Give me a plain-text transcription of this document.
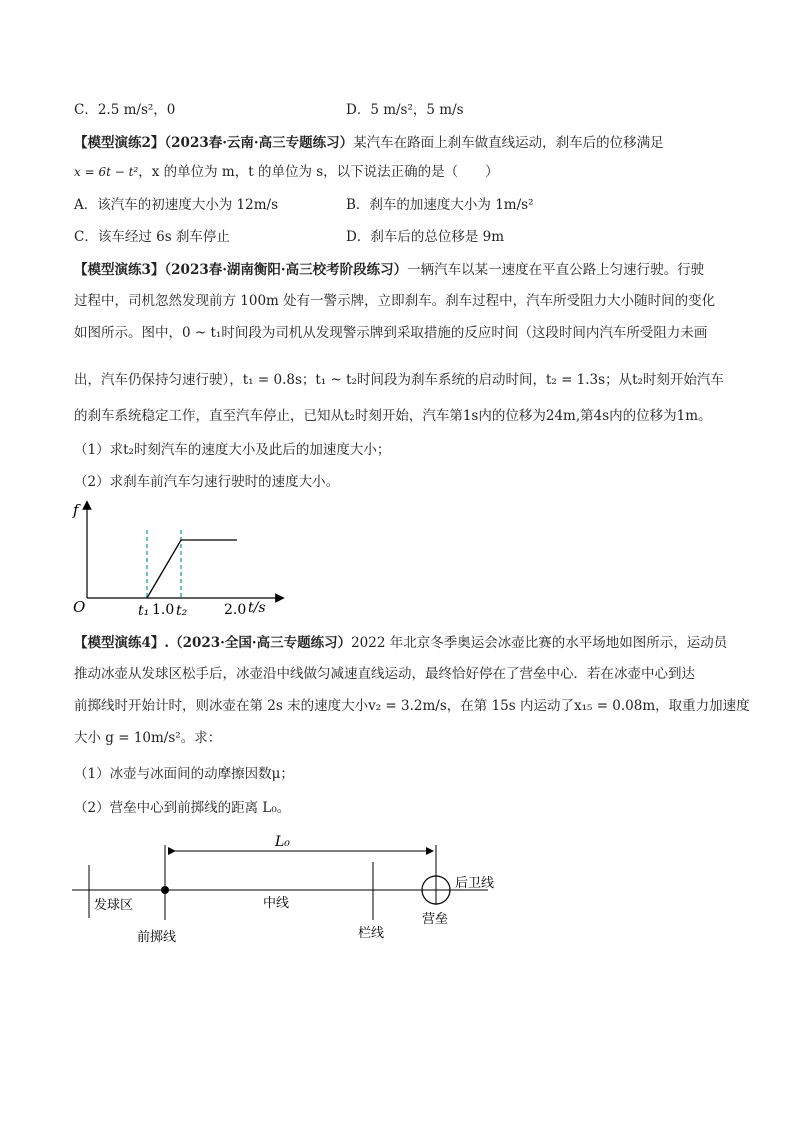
C．2.5 m/s²，0	D．5 m/s²，5 m/s
【模型演练2】（2023春·云南·高三专题练习）某汽车在路面上刹车做直线运动，刹车后的位移满足
x = 6t − t²，x 的单位为 m，t 的单位为 s，以下说法正确的是（　　）
A．该汽车的初速度大小为 12m/s	B．刹车的加速度大小为 1m/s²
C．该车经过 6s 刹车停止	D．刹车后的总位移是 9m
【模型演练3】（2023春·湖南衡阳·高三校考阶段练习）一辆汽车以某一速度在平直公路上匀速行驶。行驶
过程中，司机忽然发现前方 100m 处有一警示牌，立即刹车。刹车过程中，汽车所受阻力大小随时间的变化
如图所示。图中，0 ~ t₁时间段为司机从发现警示牌到采取措施的反应时间（这段时间内汽车所受阻力未画
出，汽车仍保持匀速行驶），t₁ = 0.8s；t₁ ~ t₂时间段为刹车系统的启动时间，t₂ = 1.3s；从t₂时刻开始汽车
的刹车系统稳定工作，直至汽车停止，已知从t₂时刻开始，汽车第1s内的位移为24m,第4s内的位移为1m。
（1）求t₂时刻汽车的速度大小及此后的加速度大小；
（2）求刹车前汽车匀速行驶时的速度大小。
f
O	t₁ 1.0 t₂	2.0 t/s
【模型演练4】.（2023·全国·高三专题练习）2022 年北京冬季奥运会冰壶比赛的水平场地如图所示，运动员
推动冰壶从发球区松手后，冰壶沿中线做匀减速直线运动，最终恰好停在了营垒中心．若在冰壶中心到达
前掷线时开始计时，则冰壶在第 2s 末的速度大小v₂ = 3.2m/s，在第 15s 内运动了x₁₅ = 0.08m，取重力加速度
大小 g = 10m/s²。求：
（1）冰壶与冰面间的动摩擦因数μ；
（2）营垒中心到前掷线的距离 L₀。
L₀
发球区	中线
后卫线
营垒
前掷线	栏线
